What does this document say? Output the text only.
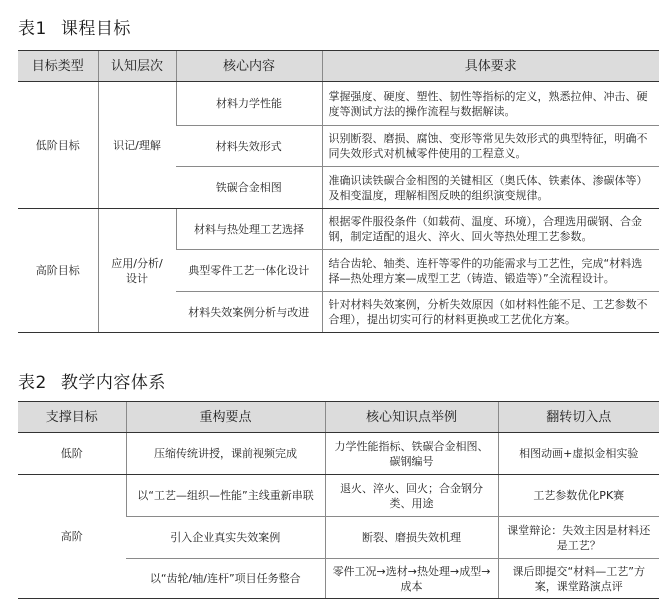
表1 课程目标
目标类型	认知层次	核心内容	具体要求
低阶目标	识记/理解	材料力学性能	掌握强度、硬度、塑性、韧性等指标的定义，熟悉拉伸、冲击、硬度等测试方法的操作流程与数据解读。
		材料失效形式	识别断裂、磨损、腐蚀、变形等常见失效形式的典型特征，明确不同失效形式对机械零件使用的工程意义。
		铁碳合金相图	准确识读铁碳合金相图的关键相区（奥氏体、铁素体、渗碳体等）及相变温度，理解相图反映的组织演变规律。
高阶目标	应用/分析/设计	材料与热处理工艺选择	根据零件服役条件（如载荷、温度、环境），合理选用碳钢、合金钢，制定适配的退火、淬火、回火等热处理工艺参数。
		典型零件工艺一体化设计	结合齿轮、轴类、连杆等零件的功能需求与工艺性，完成“材料选择—热处理方案—成型工艺（铸造、锻造等）”全流程设计。
		材料失效案例分析与改进	针对材料失效案例，分析失效原因（如材料性能不足、工艺参数不合理），提出切实可行的材料更换或工艺优化方案。
表2 教学内容体系
支撑目标	重构要点	核心知识点举例	翻转切入点
低阶	压缩传统讲授，课前视频完成	力学性能指标、铁碳合金相图、碳钢编号	相图动画+虚拟金相实验
高阶	以“工艺—组织—性能”主线重新串联	退火、淬火、回火；合金钢分类、用途	工艺参数优化PK赛
	引入企业真实失效案例	断裂、磨损失效机理	课堂辩论：失效主因是材料还是工艺？
	以“齿轮/轴/连杆”项目任务整合	零件工况→选材→热处理→成型→成本	课后即提交“材料—工艺”方案，课堂路演点评
